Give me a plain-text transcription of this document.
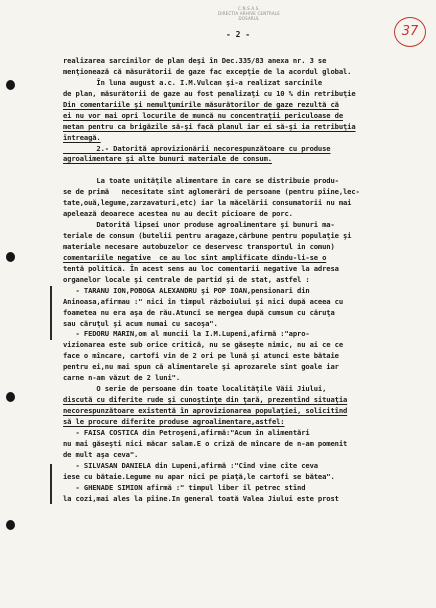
C.N.S.A.S.
DIRECTIA ARHIVE CENTRALE
DOSARUL
- 2 -	37
realizarea sarcinilor de plan deşi în Dec.335/83 anexa nr. 3 se
menţionează că măsurătorii de gaze fac excepţie de la acordul global.
În luna august a.c. I.M.Vulcan şi-a realizat sarcinile
de plan, măsurătorii de gaze au fost penalizaţi cu 10 % din retribuţie
Din comentariile şi nemulţumirile măsurătorilor de gaze rezultă că
ei nu vor mai opri locurile de muncă nu concentraţii periculoase de
metan pentru ca brigăzile să-şi facă planul iar ei să-şi ia retribuţia
întreagă.
2.- Datorită aprovizionării necorespunzătoare cu produse
agroalimentare şi alte bunuri materiale de consum.
La toate unităţile alimentare în care se distribuie produ-
se de primă   necesitate sînt aglomerări de persoane (pentru pîine,lec-
tate,ouă,legume,zarzavaturi,etc) iar la măcelării consumatorii nu mai
apelează deoarece acestea nu au decît picioare de porc.
Datorită lipsei unor produse agroalimentare şi bunuri ma-
teriale de consum (butelii pentru aragaze,cărbune pentru populaţie şi
materiale necesare autobuzelor ce deservesc transportul in comun)
comentariile negative  ce au loc sînt amplificate dîndu-li-se o
tentă politică. În acest sens au loc comentarii negative la adresa
organelor locale şi centrale de partid şi de stat, astfel :
- TARANU ION,POBOGA ALEXANDRU şi POP IOAN,pensionari din
Aninoasa,afirmau :" nici în timpul războiului şi nici după aceea cu
foametea nu era aşa de rău.Atunci se mergea după cumsum cu căruţa
sau căruţul şi acum numai cu sacoşa".
- FEDORU MARIN,om al muncii la I.M.Lupeni,afirmă :"apro-
vizionarea este sub orice critică, nu se găseşte nimic, nu ai ce ce
face o mîncare, cartofi vin de 2 ori pe lună şi atunci este bătaie
pentru ei,nu mai spun că alimentarele şi aprozarele sînt goale iar
carne n-am văzut de 2 luni".
O serie de persoane din toate localităţile Văii Jiului,
discută cu diferite rude şi cunoştinţe din ţară, prezentînd situaţia
necorespunzătoare existentă în aprovizionarea populaţiei, solicitînd
să le procure diferite produse agroalimentare,astfel:
- FAISA COSTICA din Petroşeni,afirmă:"Acum în alimentări
nu mai găseşti nici măcar salam.E o criză de mîncare de n-am pomenit
de mult aşa ceva".
- SILVASAN DANIELA din Lupeni,afirmă :"Cînd vine cîte ceva
iese cu bătaie.Legume nu apar nici pe piaţă,le cartofi se bătea".
- GHENADE SIMION afirmă :" timpul liber il petrec stînd
la cozi,mai ales la pîine.In general toată Valea Jiului este prost
